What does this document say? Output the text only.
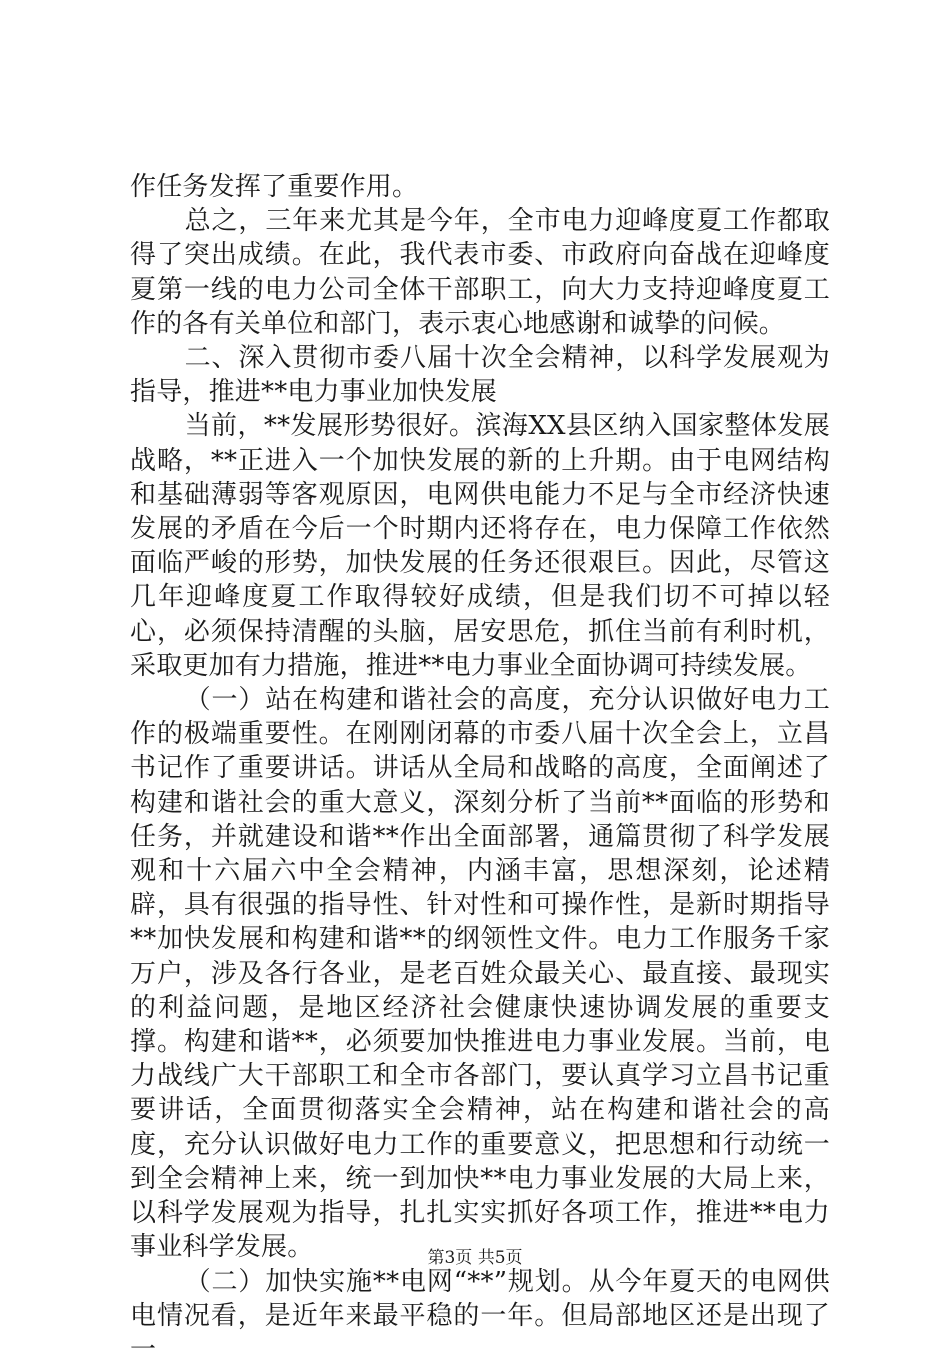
作任务发挥了重要作用。

总之，三年来尤其是今年，全市电力迎峰度夏工作都取得了突出成绩。在此，我代表市委、市政府向奋战在迎峰度夏第一线的电力公司全体干部职工，向大力支持迎峰度夏工作的各有关单位和部门，表示衷心地感谢和诚挚的问候。

二、深入贯彻市委八届十次全会精神，以科学发展观为指导，推进**电力事业加快发展

当前，**发展形势很好。滨海XX县区纳入国家整体发展战略，**正进入一个加快发展的新的上升期。由于电网结构和基础薄弱等客观原因，电网供电能力不足与全市经济快速发展的矛盾在今后一个时期内还将存在，电力保障工作依然面临严峻的形势，加快发展的任务还很艰巨。因此，尽管这几年迎峰度夏工作取得较好成绩，但是我们切不可掉以轻心，必须保持清醒的头脑，居安思危，抓住当前有利时机，采取更加有力措施，推进**电力事业全面协调可持续发展。

（一）站在构建和谐社会的高度，充分认识做好电力工作的极端重要性。在刚刚闭幕的市委八届十次全会上，立昌书记作了重要讲话。讲话从全局和战略的高度，全面阐述了构建和谐社会的重大意义，深刻分析了当前**面临的形势和任务，并就建设和谐**作出全面部署，通篇贯彻了科学发展观和十六届六中全会精神，内涵丰富，思想深刻，论述精辟，具有很强的指导性、针对性和可操作性，是新时期指导**加快发展和构建和谐**的纲领性文件。电力工作服务千家万户，涉及各行各业，是老百姓众最关心、最直接、最现实的利益问题，是地区经济社会健康快速协调发展的重要支撑。构建和谐**，必须要加快推进电力事业发展。当前，电力战线广大干部职工和全市各部门，要认真学习立昌书记重要讲话，全面贯彻落实全会精神，站在构建和谐社会的高度，充分认识做好电力工作的重要意义，把思想和行动统一到全会精神上来，统一到加快**电力事业发展的大局上来，以科学发展观为指导，扎扎实实抓好各项工作，推进**电力事业科学发展。

（二）加快实施**电网“**”规划。从今年夏天的电网供电情况看，是近年来最平稳的一年。但局部地区还是出现了一

第3页 共5页
